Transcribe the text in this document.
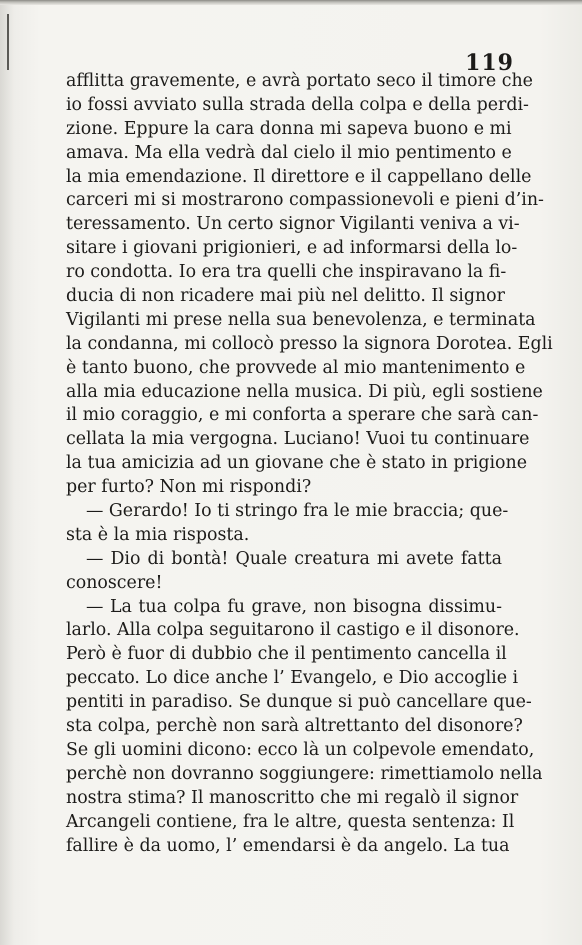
119
afflitta gravemente, e avrà portato seco il timore che
io fossi avviato sulla strada della colpa e della perdi-
zione. Eppure la cara donna mi sapeva buono e mi
amava. Ma ella vedrà dal cielo il mio pentimento e
la mia emendazione. Il direttore e il cappellano delle
carceri mi si mostrarono compassionevoli e pieni d’in-
teressamento. Un certo signor Vigilanti veniva a vi-
sitare i giovani prigionieri, e ad informarsi della lo-
ro condotta. Io era tra quelli che inspiravano la fi-
ducia di non ricadere mai più nel delitto. Il signor
Vigilanti mi prese nella sua benevolenza, e terminata
la condanna, mi collocò presso la signora Dorotea. Egli
è tanto buono, che provvede al mio mantenimento e
alla mia educazione nella musica. Di più, egli sostiene
il mio coraggio, e mi conforta a sperare che sarà can-
cellata la mia vergogna. Luciano! Vuoi tu continuare
la tua amicizia ad un giovane che è stato in prigione
per furto? Non mi rispondi?
— Gerardo! Io ti stringo fra le mie braccia; que-
sta è la mia risposta.
— Dio di bontà! Quale creatura mi avete fatta
conoscere!
— La tua colpa fu grave, non bisogna dissimu-
larlo. Alla colpa seguitarono il castigo e il disonore.
Però è fuor di dubbio che il pentimento cancella il
peccato. Lo dice anche l’ Evangelo, e Dio accoglie i
pentiti in paradiso. Se dunque si può cancellare que-
sta colpa, perchè non sarà altrettanto del disonore?
Se gli uomini dicono: ecco là un colpevole emendato,
perchè non dovranno soggiungere: rimettiamolo nella
nostra stima? Il manoscritto che mi regalò il signor
Arcangeli contiene, fra le altre, questa sentenza: Il
fallire è da uomo, l’ emendarsi è da angelo. La tua
